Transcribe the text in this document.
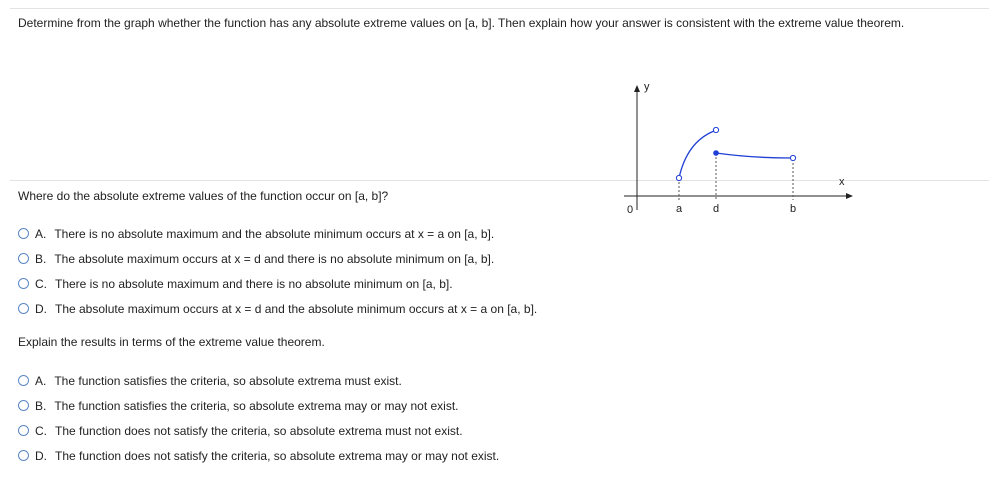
Determine from the graph whether the function has any absolute extreme values on [a, b]. Then explain how your answer is consistent with the extreme value theorem.
y
x
0	a	d	b
Where do the absolute extreme values of the function occur on [a, b]?
A. There is no absolute maximum and the absolute minimum occurs at x = a on [a, b].
B. The absolute maximum occurs at x = d and there is no absolute minimum on [a, b].
C. There is no absolute maximum and there is no absolute minimum on [a, b].
D. The absolute maximum occurs at x = d and the absolute minimum occurs at x = a on [a, b].
Explain the results in terms of the extreme value theorem.
A. The function satisfies the criteria, so absolute extrema must exist.
B. The function satisfies the criteria, so absolute extrema may or may not exist.
C. The function does not satisfy the criteria, so absolute extrema must not exist.
D. The function does not satisfy the criteria, so absolute extrema may or may not exist.
